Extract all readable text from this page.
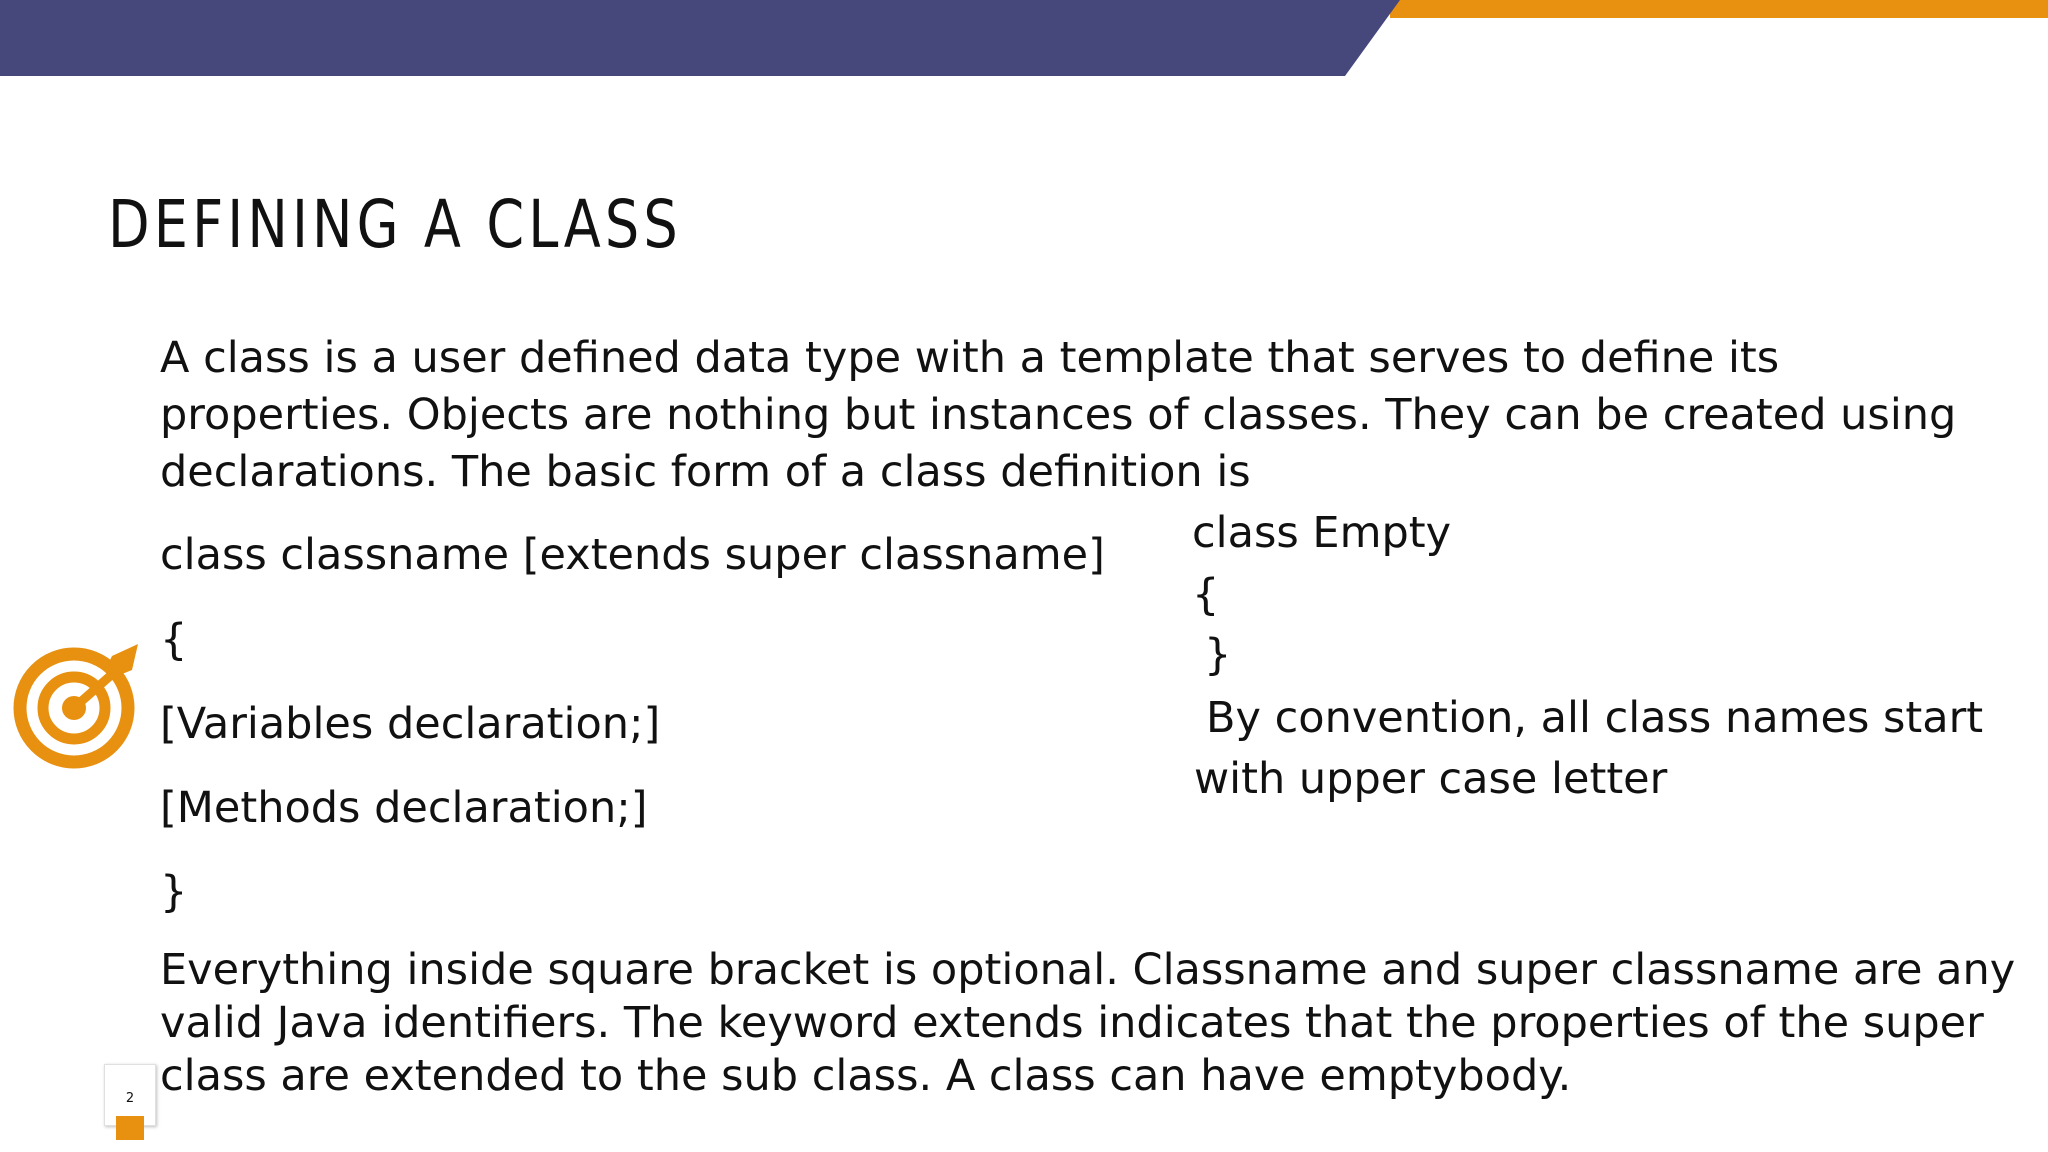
DEFINING A CLASS
A class is a user defined data type with a template that serves to define its properties. Objects are nothing but instances of classes. They can be created using declarations. The basic form of a class definition is
class classname [extends super classname]
{
[Variables declaration;]
[Methods declaration;]
}
class Empty
{
}
By convention, all class names start
with upper case letter
Everything inside square bracket is optional. Classname and super classname are any valid Java identifiers. The keyword extends indicates that the properties of the super class are extended to the sub class. A class can have emptybody.
2
